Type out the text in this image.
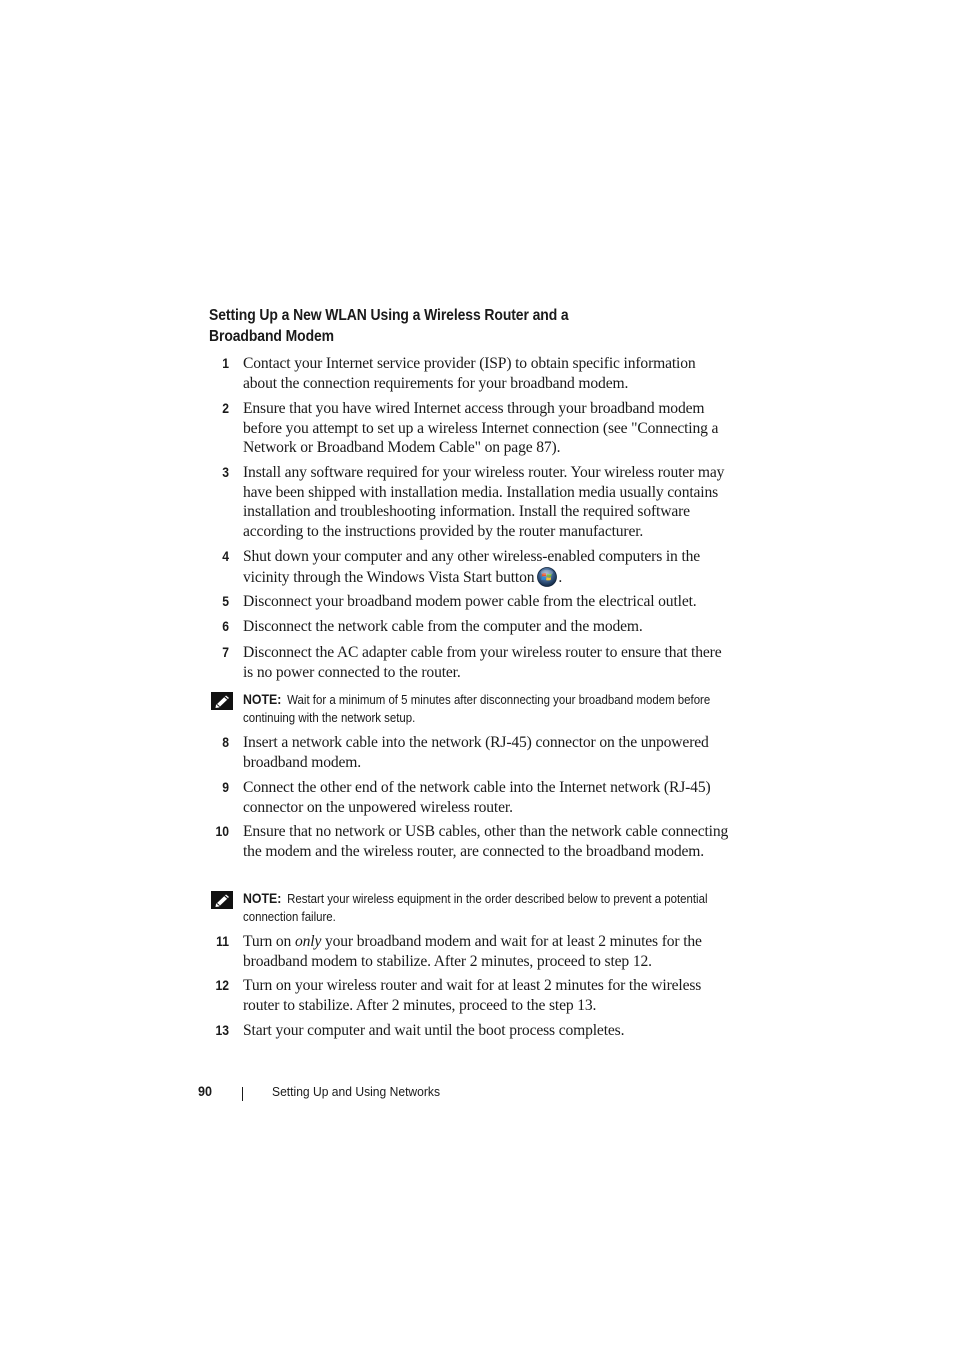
Setting Up a New WLAN Using a Wireless Router and a
Broadband Modem
1 Contact your Internet service provider (ISP) to obtain specific information about the connection requirements for your broadband modem.
2 Ensure that you have wired Internet access through your broadband modem before you attempt to set up a wireless Internet connection (see "Connecting a Network or Broadband Modem Cable" on page 87).
3 Install any software required for your wireless router. Your wireless router may have been shipped with installation media. Installation media usually contains installation and troubleshooting information. Install the required software according to the instructions provided by the router manufacturer.
4 Shut down your computer and any other wireless-enabled computers in the vicinity through the Windows Vista Start button .
5 Disconnect your broadband modem power cable from the electrical outlet.
6 Disconnect the network cable from the computer and the modem.
7 Disconnect the AC adapter cable from your wireless router to ensure that there is no power connected to the router.
NOTE: Wait for a minimum of 5 minutes after disconnecting your broadband modem before continuing with the network setup.
8 Insert a network cable into the network (RJ-45) connector on the unpowered broadband modem.
9 Connect the other end of the network cable into the Internet network (RJ-45) connector on the unpowered wireless router.
10 Ensure that no network or USB cables, other than the network cable connecting the modem and the wireless router, are connected to the broadband modem.
NOTE: Restart your wireless equipment in the order described below to prevent a potential connection failure.
11 Turn on only your broadband modem and wait for at least 2 minutes for the broadband modem to stabilize. After 2 minutes, proceed to step 12.
12 Turn on your wireless router and wait for at least 2 minutes for the wireless router to stabilize. After 2 minutes, proceed to the step 13.
13 Start your computer and wait until the boot process completes.
90	Setting Up and Using Networks
